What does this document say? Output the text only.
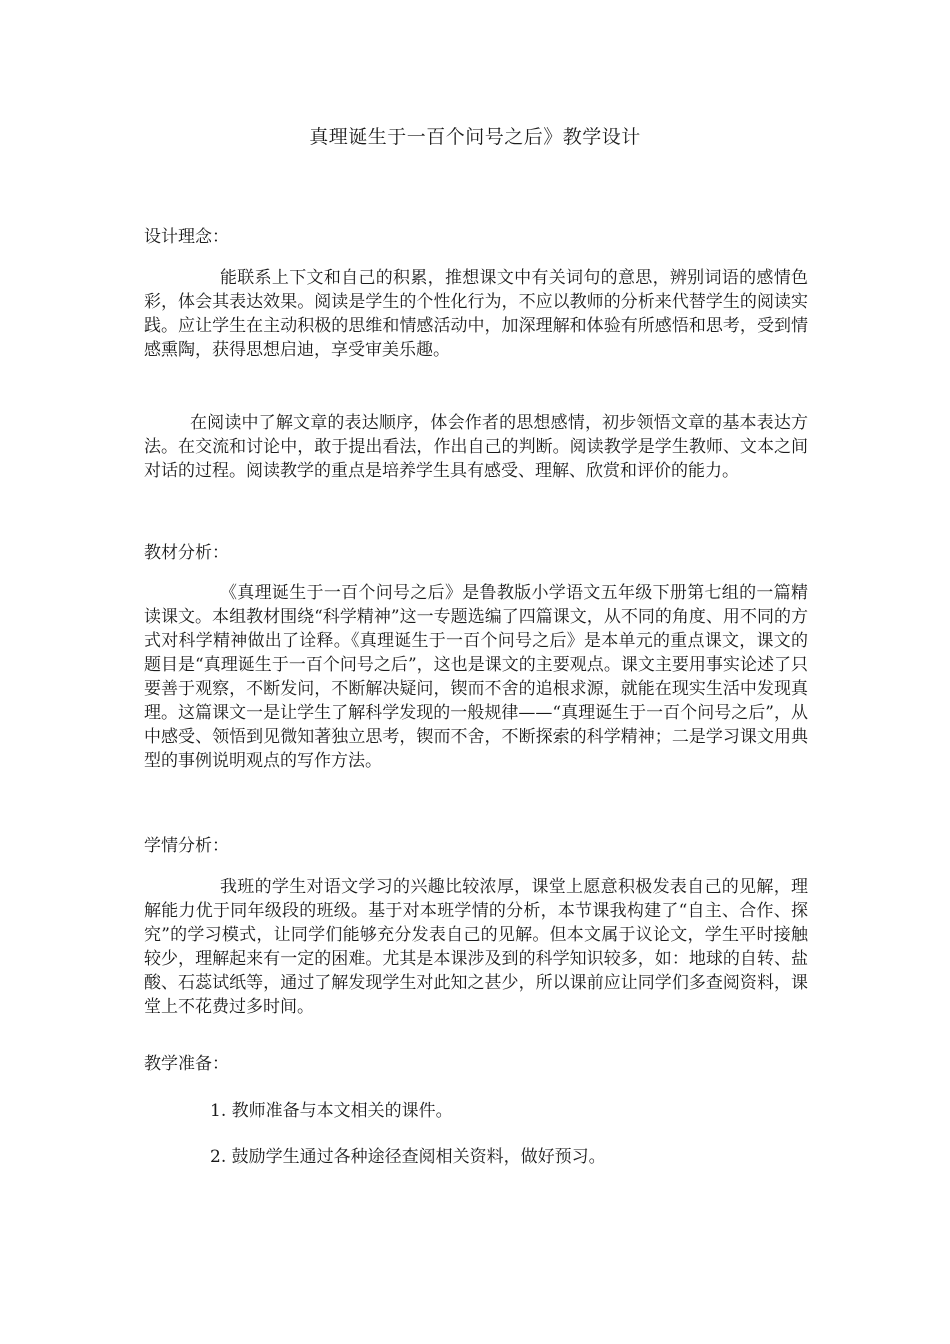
真理诞生于一百个问号之后》教学设计
设计理念：
能联系上下文和自己的积累，推想课文中有关词句的意思，辨别词语的感情色彩，体会其表达效果。阅读是学生的个性化行为，不应以教师的分析来代替学生的阅读实践。应让学生在主动积极的思维和情感活动中，加深理解和体验有所感悟和思考，受到情感熏陶，获得思想启迪，享受审美乐趣。
在阅读中了解文章的表达顺序，体会作者的思想感情，初步领悟文章的基本表达方法。在交流和讨论中，敢于提出看法，作出自己的判断。阅读教学是学生教师、文本之间对话的过程。阅读教学的重点是培养学生具有感受、理解、欣赏和评价的能力。
教材分析：
《真理诞生于一百个问号之后》是鲁教版小学语文五年级下册第七组的一篇精读课文。本组教材围绕“科学精神”这一专题选编了四篇课文，从不同的角度、用不同的方式对科学精神做出了诠释。《真理诞生于一百个问号之后》是本单元的重点课文，课文的题目是“真理诞生于一百个问号之后”，这也是课文的主要观点。课文主要用事实论述了只要善于观察，不断发问，不断解决疑问，锲而不舍的追根求源，就能在现实生活中发现真理。这篇课文一是让学生了解科学发现的一般规律——“真理诞生于一百个问号之后”，从中感受、领悟到见微知著独立思考，锲而不舍，不断探索的科学精神；二是学习课文用典型的事例说明观点的写作方法。
学情分析：
我班的学生对语文学习的兴趣比较浓厚，课堂上愿意积极发表自己的见解，理解能力优于同年级段的班级。基于对本班学情的分析，本节课我构建了“自主、合作、探究”的学习模式，让同学们能够充分发表自己的见解。但本文属于议论文，学生平时接触较少，理解起来有一定的困难。尤其是本课涉及到的科学知识较多，如：地球的自转、盐酸、石蕊试纸等，通过了解发现学生对此知之甚少，所以课前应让同学们多查阅资料，课堂上不花费过多时间。
教学准备：
1. 教师准备与本文相关的课件。
2. 鼓励学生通过各种途径查阅相关资料，做好预习。
